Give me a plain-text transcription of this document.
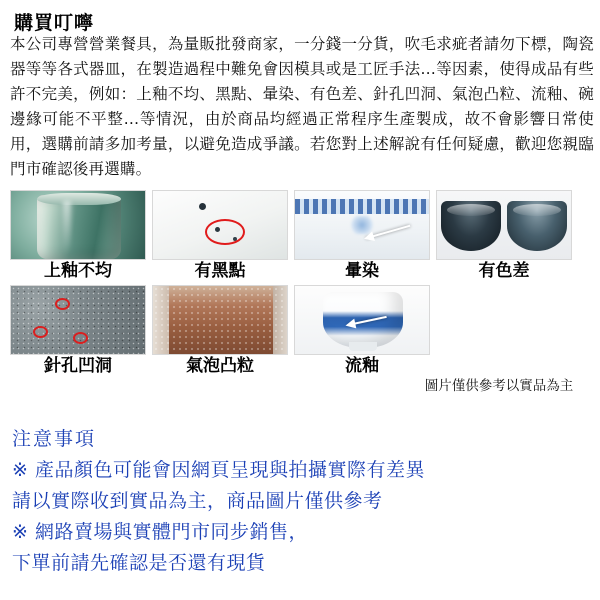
購買叮嚀

本公司專營營業餐具，為量販批發商家，一分錢一分貨，吹毛求疵者請勿下標，陶瓷器等等各式器皿，在製造過程中難免會因模具或是工匠手法…等因素，使得成品有些許不完美，例如：上釉不均、黑點、暈染、有色差、針孔凹洞、氣泡凸粒、流釉、碗邊緣可能不平整…等情況，由於商品均經過正常程序生產製成，故不會影響日常使用，選購前請多加考量，以避免造成爭議。若您對上述解說有任何疑慮，歡迎您親臨門市確認後再選購。

上釉不均	有黑點	暈染	有色差
針孔凹洞	氣泡凸粒	流釉
圖片僅供參考以實品為主
注意事項
※ 產品顏色可能會因網頁呈現與拍攝實際有差異
請以實際收到實品為主，商品圖片僅供參考
※ 網路賣場與實體門市同步銷售，
下單前請先確認是否還有現貨
